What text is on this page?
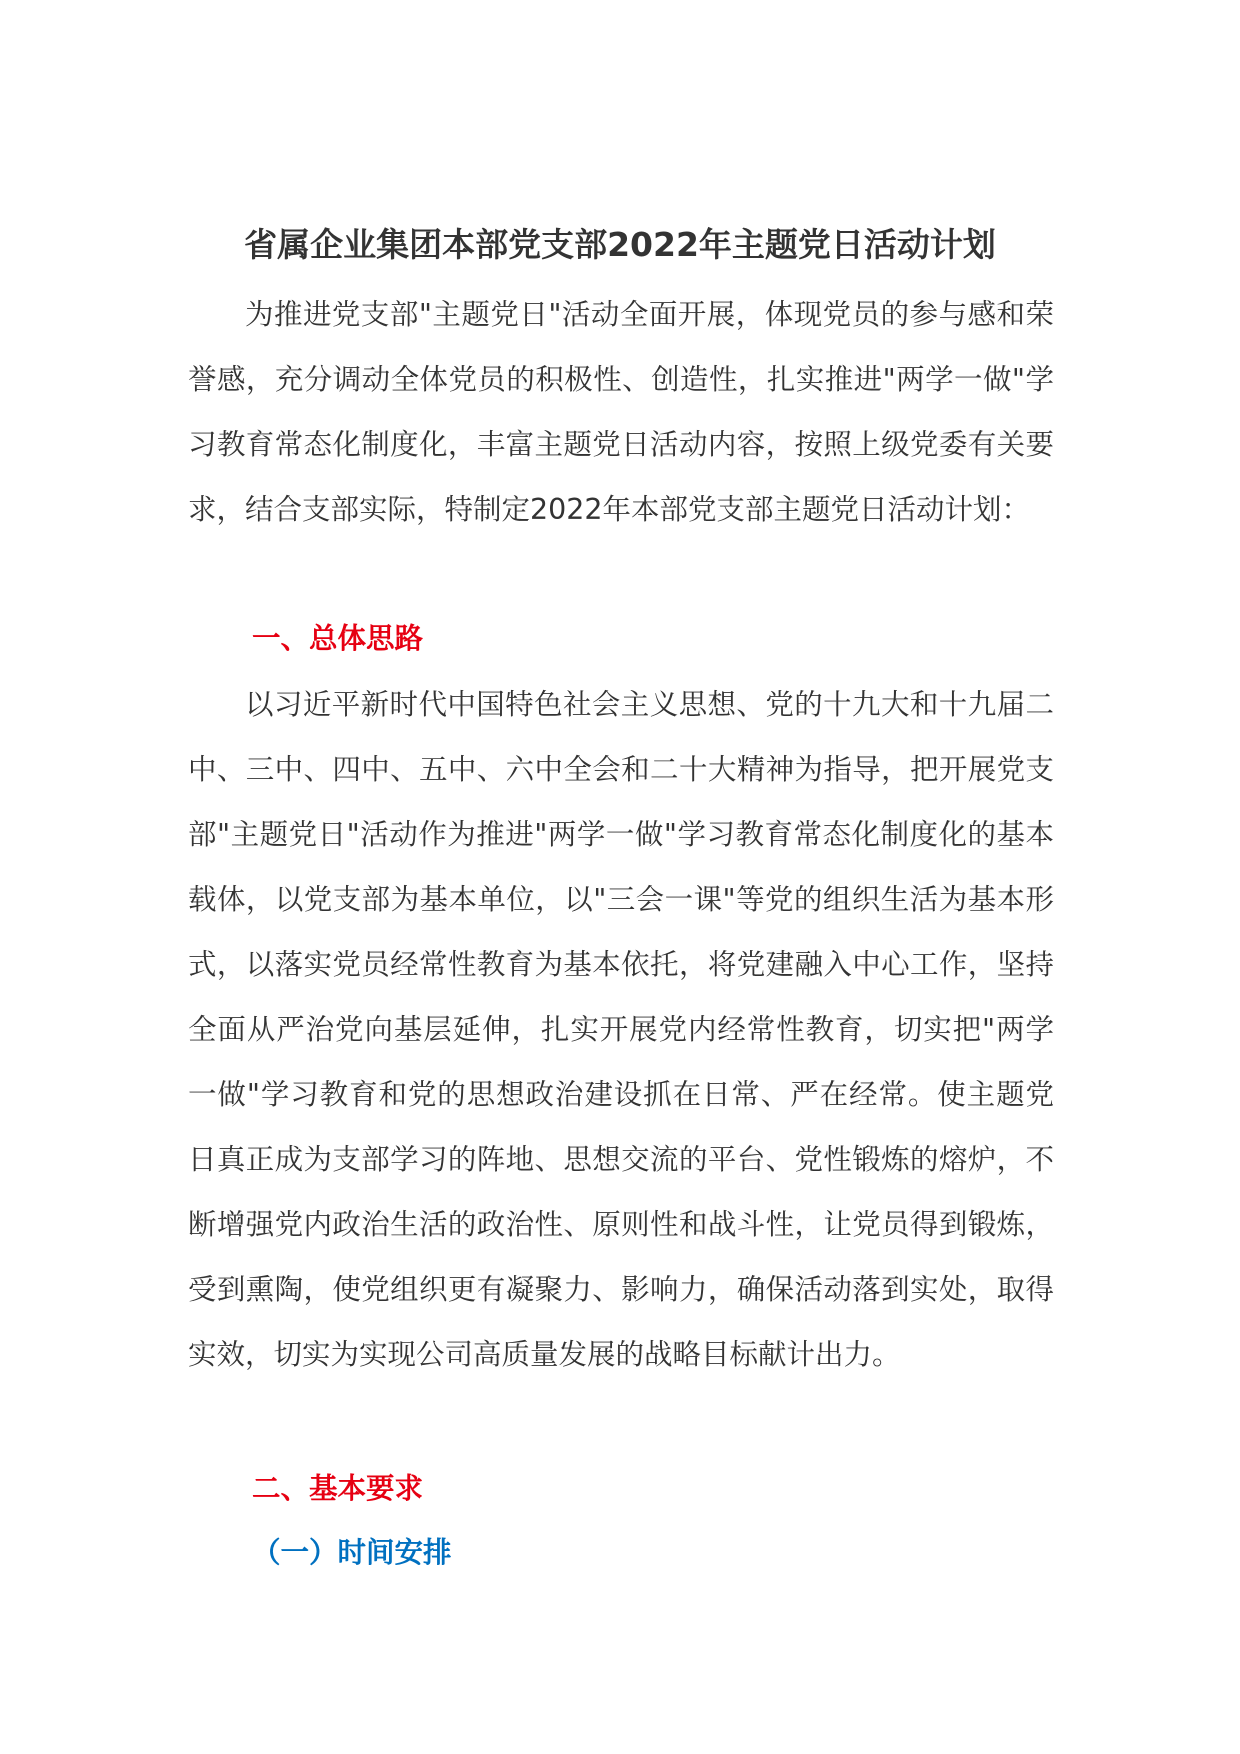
省属企业集团本部党支部2022年主题党日活动计划

为推进党支部"主题党日"活动全面开展，体现党员的参与感和荣誉感，充分调动全体党员的积极性、创造性，扎实推进"两学一做"学习教育常态化制度化，丰富主题党日活动内容，按照上级党委有关要求，结合支部实际，特制定2022年本部党支部主题党日活动计划：

一、总体思路

以习近平新时代中国特色社会主义思想、党的十九大和十九届二中、三中、四中、五中、六中全会和二十大精神为指导，把开展党支部"主题党日"活动作为推进"两学一做"学习教育常态化制度化的基本载体，以党支部为基本单位，以"三会一课"等党的组织生活为基本形式，以落实党员经常性教育为基本依托，将党建融入中心工作，坚持全面从严治党向基层延伸，扎实开展党内经常性教育，切实把"两学一做"学习教育和党的思想政治建设抓在日常、严在经常。使主题党日真正成为支部学习的阵地、思想交流的平台、党性锻炼的熔炉，不断增强党内政治生活的政治性、原则性和战斗性，让党员得到锻炼，受到熏陶，使党组织更有凝聚力、影响力，确保活动落到实处，取得实效，切实为实现公司高质量发展的战略目标献计出力。

二、基本要求
（一）时间安排
